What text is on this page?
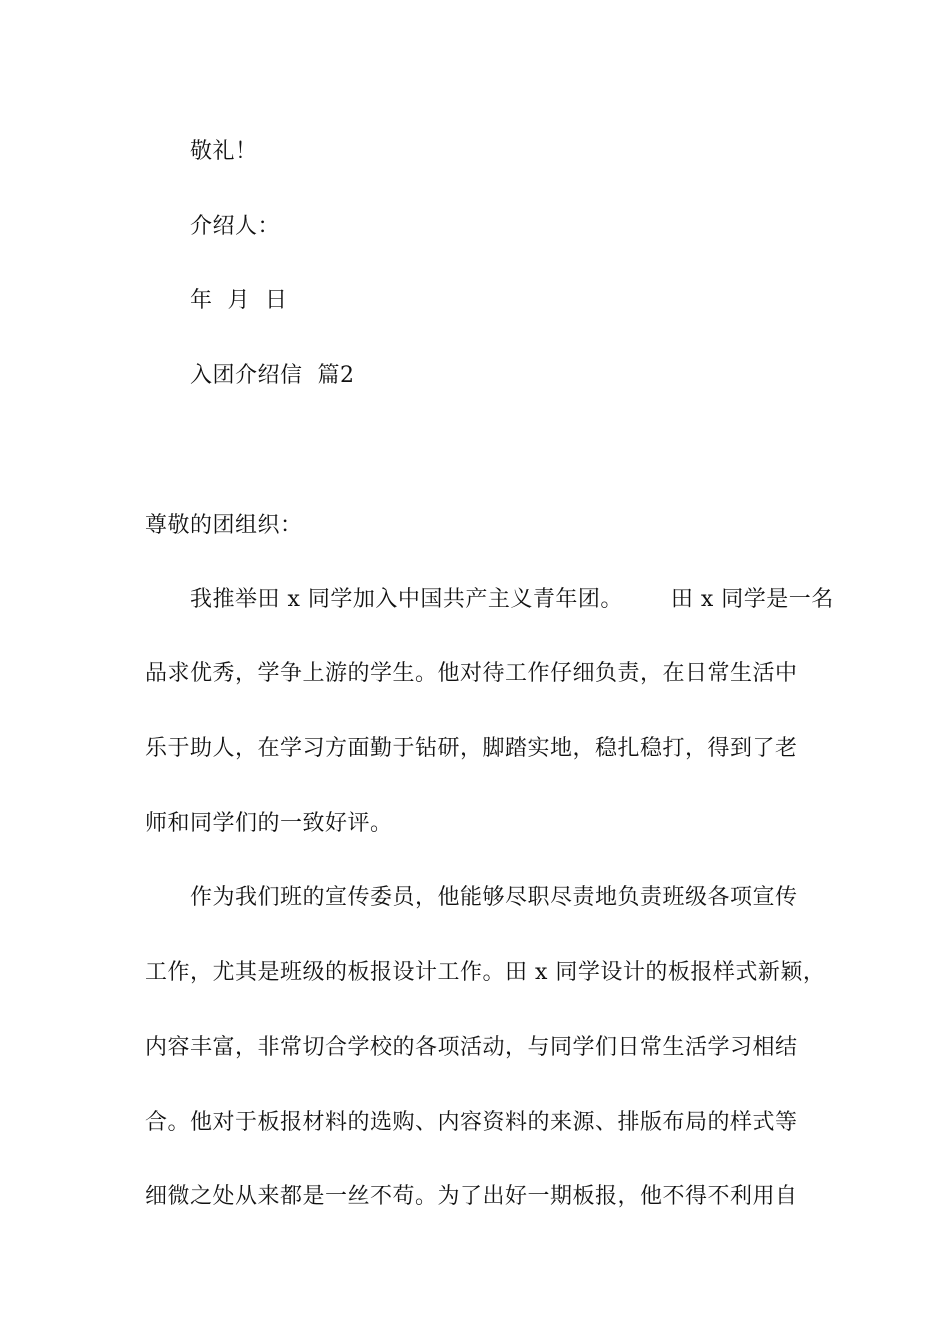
敬礼！
介绍人：
年  月  日
入团介绍信  篇2
尊敬的团组织：
我推举田 x 同学加入中国共产主义青年团。 田 x 同学是一名
品求优秀，学争上游的学生。他对待工作仔细负责，在日常生活中
乐于助人，在学习方面勤于钻研，脚踏实地，稳扎稳打，得到了老
师和同学们的一致好评。
作为我们班的宣传委员，他能够尽职尽责地负责班级各项宣传
工作，尤其是班级的板报设计工作。田 x 同学设计的板报样式新颖，
内容丰富，非常切合学校的各项活动，与同学们日常生活学习相结
合。他对于板报材料的选购、内容资料的来源、排版布局的样式等
细微之处从来都是一丝不苟。为了出好一期板报，他不得不利用自
